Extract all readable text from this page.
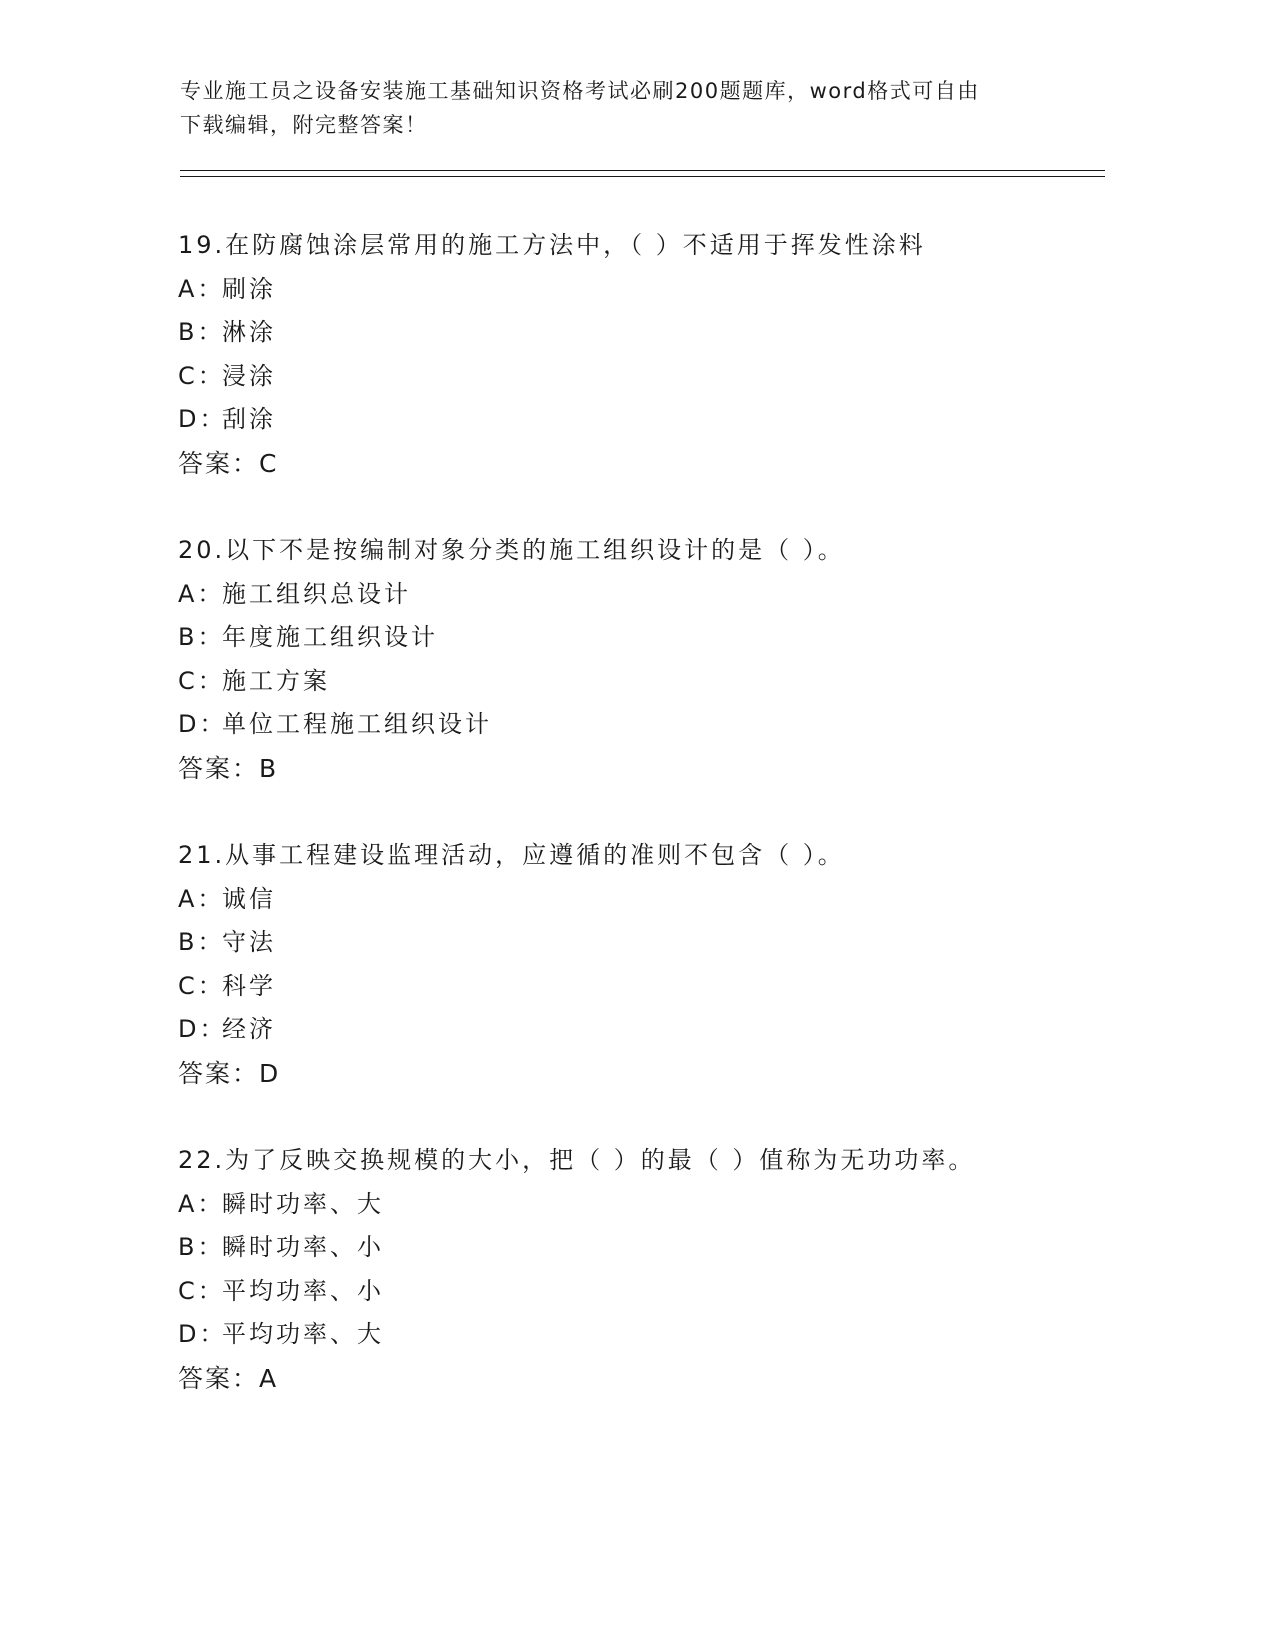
专业施工员之设备安装施工基础知识资格考试必刷200题题库，word格式可自由
下载编辑，附完整答案！
19.在防腐蚀涂层常用的施工方法中，（ ）不适用于挥发性涂料
A：刷涂
B：淋涂
C：浸涂
D：刮涂
答案：C
20.以下不是按编制对象分类的施工组织设计的是（ ）。
A：施工组织总设计
B：年度施工组织设计
C：施工方案
D：单位工程施工组织设计
答案：B
21.从事工程建设监理活动，应遵循的准则不包含（ ）。
A：诚信
B：守法
C：科学
D：经济
答案：D
22.为了反映交换规模的大小，把（ ）的最（ ）值称为无功功率。
A：瞬时功率、大
B：瞬时功率、小
C：平均功率、小
D：平均功率、大
答案：A
